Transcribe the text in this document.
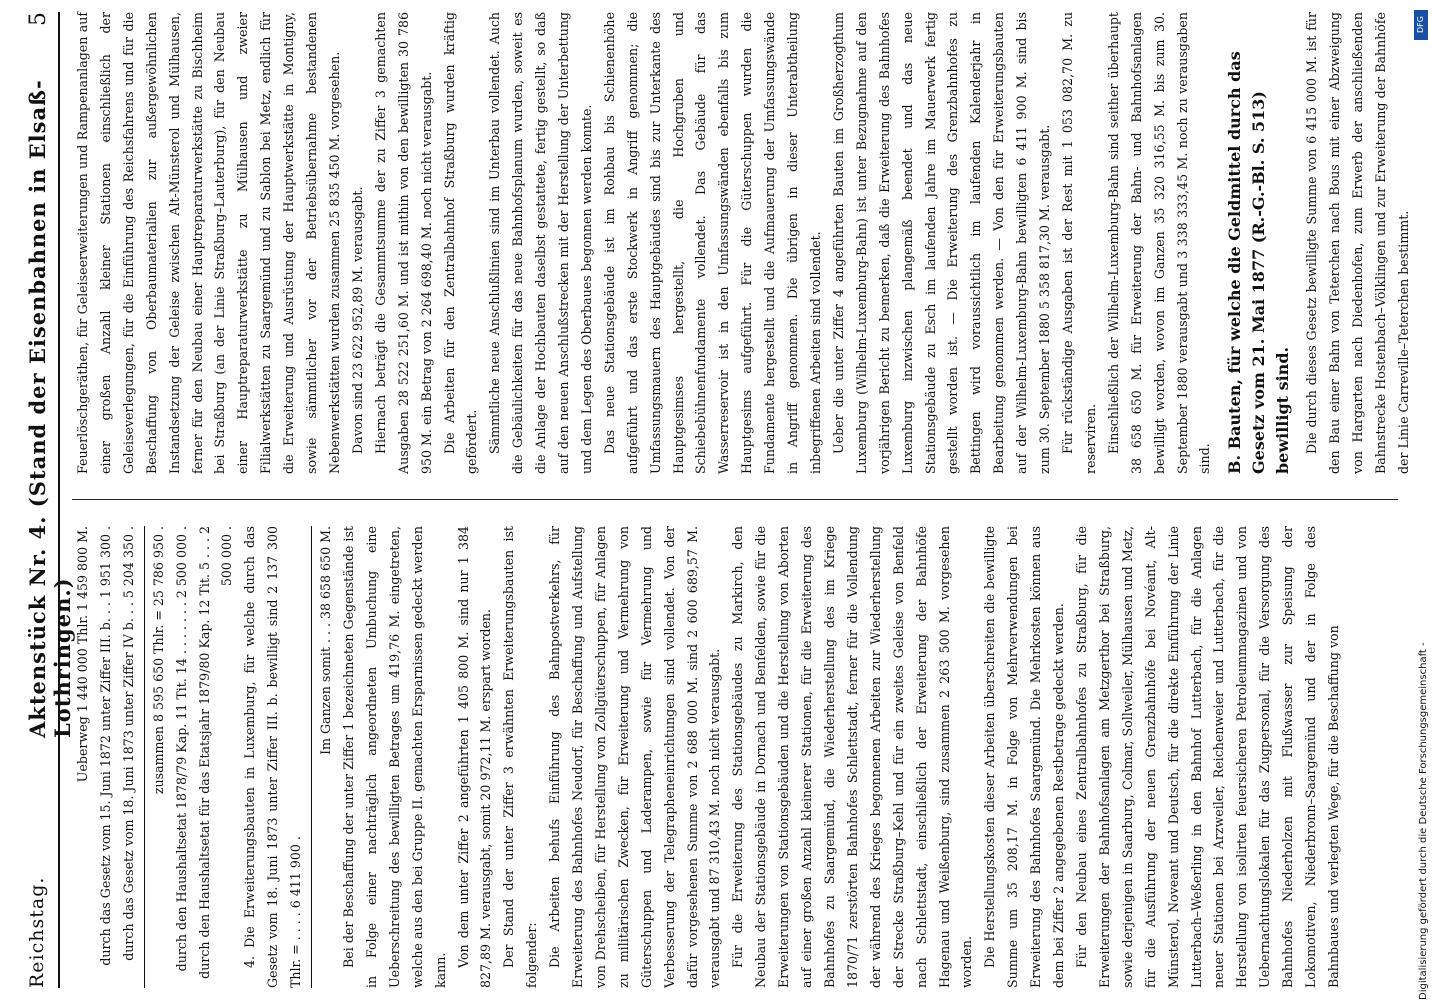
Reichstag.
Aktenstück Nr. 4. (Stand der Eisenbahnen in Elsaß-Lothringen.)
5

Ueberweg 1 440 000 Thlr. 1 459 800 M. durch das Gesetz vom 15. Juni 1872 unter Ziffer III. b. . . 1 951 300 . durch das Gesetz vom 18. Juni 1873 unter Ziffer IV b. . . 5 204 350 .	zusammen 8 595 650 Thlr. = 25 786 950 . durch den Haushaltsetat 1878/79 Kap. 11 Tit. 14 . . . . . . . 2 500 000 . durch den Haushaltsetat für das Etatsjahr 1879/80 Kap. 12 Tit. 5 . . . 2 500 000 . 4. Die Erweiterungsbauten in Luxemburg, für welche durch das Gesetz vom 18. Juni 1873 unter Ziffer III. b. bewilligt sind 2 137 300 Thlr. = . . . . 6 411 900 .

Im Ganzen somit . . . 38 658 650 M. Bei der Beschaffung der unter Ziffer 1 bezeichneten Gegenstände ist in Folge einer nachträglich angeordneten Umbuchung eine Ueberschreitung des bewilligten Betrages um 419,76 M. eingetreten, welche aus den bei Gruppe II. gemachten Ersparnissen gedeckt werden kann.

Von dem unter Ziffer 2 angeführten 1 405 800 M. sind nur 1 384 827,89 M. verausgabt, somit 20 972,11 M. erspart worden. Der Stand der unter Ziffer 3 erwähnten Erweiterungsbauten ist folgender: Die Arbeiten behufs Einführung des Bahnpostverkehrs, für Erweiterung des Bahnhofes Neudorf, für Beschaffung und Aufstellung von Drehscheiben, für Herstellung von Zollgüterschuppen, für Anlagen zu militärischen Zwecken, für Erweiterung und Vermehrung von Güterschuppen und Laderampen, sowie für Vermehrung und Verbesserung der Telegrapheneinrichtungen sind vollendet. Von der dafür vorgesehenen Summe von 2 688 000 M. sind 2 600 689,57 M. verausgabt und 87 310,43 M. noch nicht verausgabt. Für die Erweiterung des Stationsgebäudes zu Markirch, den Neubau der Stationsgebäude in Dornach und Benfelden, sowie für die Erweiterungen von Stationsgebäuden und die Herstellung von Aborten auf einer großen Anzahl kleinerer Stationen, für die Erweiterung des Bahnhofes zu Saargemünd, die Wiederherstellung des im Kriege 1870/71 zerstörten Bahnhofes Schlettstadt, ferner für die Vollendung der während des Krieges begonnenen Arbeiten zur Wiederherstellung der Strecke Straßburg–Kehl und für ein zweites Geleise von Benfeld nach Schlettstadt, einschließlich der Erweiterung der Bahnhöfe Hagenau und Weißenburg, sind zusammen 2 263 500 M. vorgesehen worden. Die Herstellungskosten dieser Arbeiten überschreiten die bewilligte Summe um 35 208,17 M. in Folge von Mehrverwendungen bei Erweiterung des Bahnhofes Saargemünd. Die Mehrkosten können aus dem bei Ziffer 2 angegebenen Restbetrage gedeckt werden. Für den Neubau eines Zentralbahnhofes zu Straßburg, für die Erweiterungen der Bahnhofsanlagen am Metzgerthor bei Straßburg, sowie derjenigen in Saarburg, Colmar, Sollweiler, Mülhausen und Metz, für die Ausführung der neuen Grenzbahnhöfe bei Novéant, Alt-Münsterol, Noveant und Deutsch, für die direkte Einführung der Linie Lutterbach–Weßerling in den Bahnhof Lutterbach, für die Anlagen neuer Stationen bei Arzweiler, Reichenweier und Lutterbach, für die Herstellung von isolirten feuersicheren Petroleummagazinen und von Uebernachtungslokalen für das Zugpersonal, für die Versorgung des Bahnhofes Niederholzen mit Flußwasser zur Speisung der Lokomotiven, Niederbronn–Saargemünd und der in Folge des Bahnbaues und verlegten Wege, für die Beschaffung von

Feuerlöschgeräthen, für Geleiseerweiterungen und Rampenanlagen auf einer großen Anzahl kleiner Stationen einschließlich der Geleiseverlegungen, für die Einführung des Reichsfahrens und für die Beschaffung von Oberbaumaterialien zur außergewöhnlichen Instandsetzung der Geleise zwischen Alt-Münsterol und Mülhausen, ferner für den Neubau einer Hauptreparaturwerkstätte zu Bischheim bei Straßburg (an der Linie Straßburg–Lauterburg), für den Neubau einer Hauptreparaturwerkstätte zu Mülhausen und zweier Filialwerkstätten zu Saargemünd und zu Sablon bei Metz, endlich für die Erweiterung und Ausrüstung der Hauptwerkstätte in Montigny, sowie sämmtlicher vor der Betriebsübernahme bestandenen Nebenwerkstätten wurden zusammen 25 835 450 M. vorgesehen. Davon sind 23 622 952,89 M. verausgabt. Hiernach beträgt die Gesammtsumme der zu Ziffer 3 gemachten Ausgaben 28 522 251,60 M. und ist mithin von den bewilligten 30 786 950 M. ein Betrag von 2 264 698,40 M. noch nicht verausgabt. Die Arbeiten für den Zentralbahnhof Straßburg wurden kräftig gefördert. Sämmtliche neue Anschlußlinien sind im Unterbau vollendet. Auch die Gebäulichkeiten für das neue Bahnhofsplanum wurden, soweit es die Anlage der Hochbauten daselbst gestattete, fertig gestellt, so daß auf den neuen Anschlußstrecken mit der Herstellung der Unterbettung und dem Legen des Oberbaues begonnen werden konnte. Das neue Stationsgebäude ist im Rohbau bis Schienenhöhe aufgeführt und das erste Stockwerk in Angriff genommen; die Umfassungsmauern des Hauptgebäudes sind bis zur Unterkante des Hauptgesimses hergestellt, die Hochgruben und Schiebebühnenfundamente vollendet. Das Gebäude für das Wasserreservoir ist in den Umfassungswänden ebenfalls bis zum Hauptgesims aufgeführt. Für die Güterschuppen wurden die Fundamente hergestellt und die Aufmauerung der Umfassungswände in Angriff genommen. Die übrigen in dieser Unterabtheilung inbegriffenen Arbeiten sind vollendet. Ueber die unter Ziffer 4 angeführten Bauten im Großherzogthum Luxemburg (Wilhelm-Luxemburg-Bahn) ist unter Bezugnahme auf den vorjährigen Bericht zu bemerken, daß die Erweiterung des Bahnhofes Luxemburg inzwischen plangemäß beendet und das neue Stationsgebäude zu Esch im laufenden Jahre im Mauerwerk fertig gestellt worden ist. — Die Erweiterung des Grenzbahnhofes zu Bettingen wird voraussichtlich im laufenden Kalenderjahr in Bearbeitung genommen werden. — Von den für Erweiterungsbauten auf der Wilhelm-Luxemburg-Bahn bewilligten 6 411 900 M. sind bis zum 30. September 1880 5 358 817,30 M. verausgabt. Für rückständige Ausgaben ist der Rest mit 1 053 082,70 M. zu reserviren. Einschließlich der Wilhelm-Luxemburg-Bahn sind seither überhaupt 38 658 650 M. für Erweiterung der Bahn- und Bahnhofsanlagen bewilligt worden, wovon im Ganzen 35 320 316,55 M. bis zum 30. September 1880 verausgabt und 3 338 333,45 M. noch zu verausgaben sind. B. Bauten, für welche die Geldmittel durch das Gesetz vom 21. Mai 1877 (R.-G.-Bl. S. 513) bewilligt sind. Die durch dieses Gesetz bewilligte Summe von 6 415 000 M. ist für den Bau einer Bahn von Teterchen nach Bous mit einer Abzweigung von Hargarten nach Diedenhofen, zum Erwerb der anschließenden Bahnstrecke Hostenbach–Völklingen und zur Erweiterung der Bahnhöfe der Linie Carreville–Teterchen bestimmt.

DFG
Digitalisierung gefördert durch die Deutsche Forschungsgemeinschaft -
